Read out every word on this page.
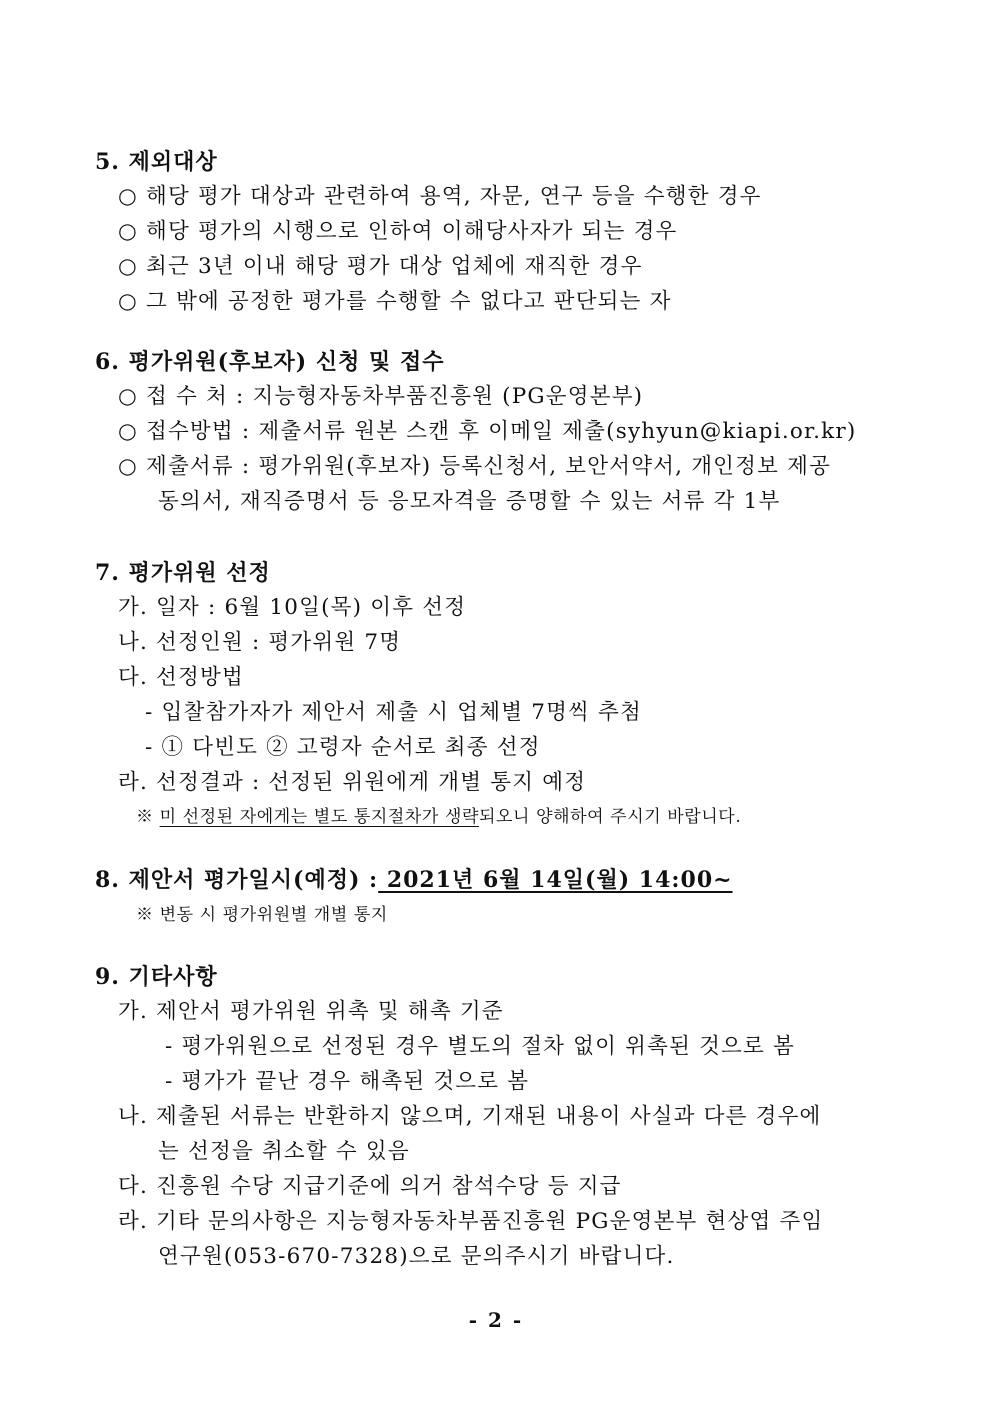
5. 제외대상
○ 해당 평가 대상과 관련하여 용역, 자문, 연구 등을 수행한 경우
○ 해당 평가의 시행으로 인하여 이해당사자가 되는 경우
○ 최근 3년 이내 해당 평가 대상 업체에 재직한 경우
○ 그 밖에 공정한 평가를 수행할 수 없다고 판단되는 자
6. 평가위원(후보자) 신청 및 접수
○ 접 수 처 : 지능형자동차부품진흥원 (PG운영본부)
○ 접수방법 : 제출서류 원본 스캔 후 이메일 제출(syhyun@kiapi.or.kr)
○ 제출서류 : 평가위원(후보자) 등록신청서, 보안서약서, 개인정보 제공
동의서, 재직증명서 등 응모자격을 증명할 수 있는 서류 각 1부
7. 평가위원 선정
가. 일자 : 6월 10일(목) 이후 선정
나. 선정인원 : 평가위원 7명
다. 선정방법
- 입찰참가자가 제안서 제출 시 업체별 7명씩 추첨
- ① 다빈도 ② 고령자 순서로 최종 선정
라. 선정결과 : 선정된 위원에게 개별 통지 예정
※ 미 선정된 자에게는 별도 통지절차가 생략되오니 양해하여 주시기 바랍니다.
8. 제안서 평가일시(예정) : 2021년 6월 14일(월) 14:00~
※ 변동 시 평가위원별 개별 통지
9. 기타사항
가. 제안서 평가위원 위촉 및 해촉 기준
- 평가위원으로 선정된 경우 별도의 절차 없이 위촉된 것으로 봄
- 평가가 끝난 경우 해촉된 것으로 봄
나. 제출된 서류는 반환하지 않으며, 기재된 내용이 사실과 다른 경우에
는 선정을 취소할 수 있음
다. 진흥원 수당 지급기준에 의거 참석수당 등 지급
라. 기타 문의사항은 지능형자동차부품진흥원 PG운영본부 현상엽 주임
연구원(053-670-7328)으로 문의주시기 바랍니다.
- 2 -
